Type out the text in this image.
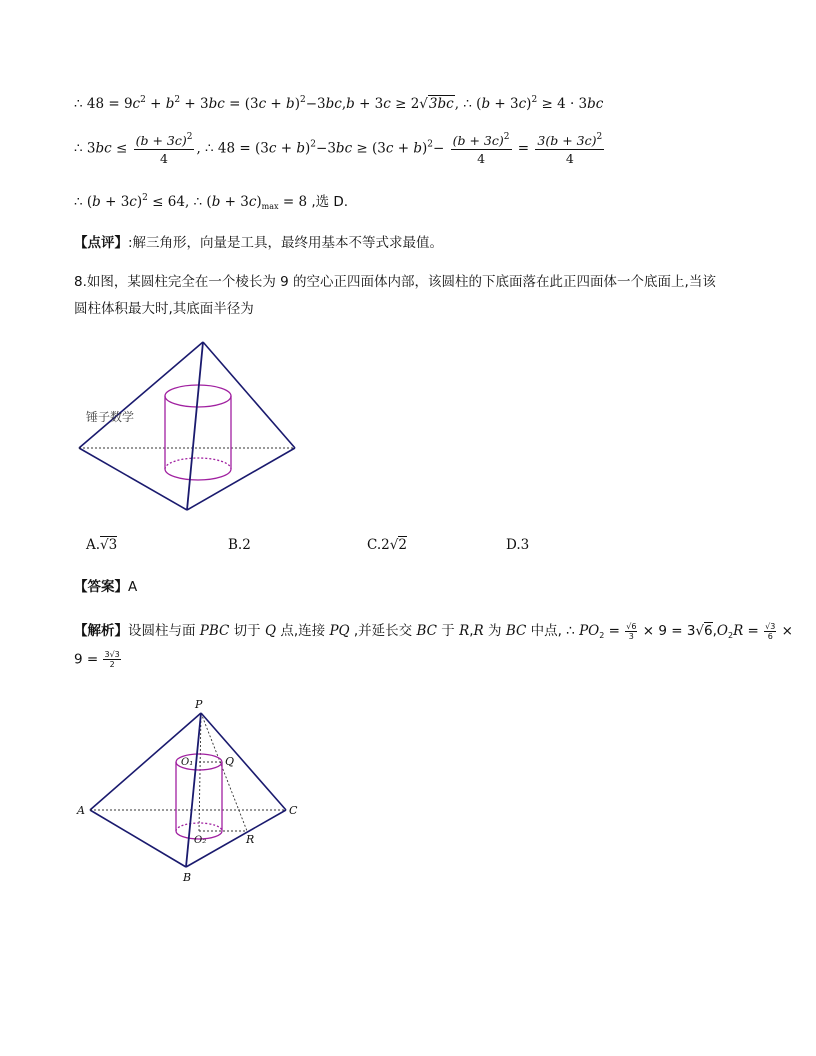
∴ $48 = 9c^2 + b^2 + 3bc = (3c + b)^2-3bc,b + 3c \ge 2√3bc$, ∴ $(b + 3c)^2 \ge 4 \cdot 3bc$
∴ $3bc \le \frac{(b + 3c)^2}{4}$ , ∴ $48 = (3c + b)^2-3bc \ge (3c + b)^2- \frac{(b + 3c)^2}{4} = \frac{3(b + 3c)^2}{4}$
∴ $(b + 3c)^2 \le 64$, ∴ $(b + 3c)_{max} = 8$ ,选 D.
【点评】:解三角形，向量是工具，最终用基本不等式求最值。
8.如图，某圆柱完全在一个棱长为 9 的空心正四面体内部，该圆柱的下底面落在此正四面体一个底面上,当该
圆柱体积最大时,其底面半径为
锤子数学
A.√3	B.2	C.2√2	D.3
【答案】A
【解析】设圆柱与面 PBC 切于 Q 点,连接 PQ ,并延长交 BC 于 R,R 为 BC 中点, ∴ $PO_2 = \frac{√6}{3} \times 9 = 3√6,O_2R = \frac{√3}{6}$ ×
$9 = \frac{3√3}{2}$
P
A
B
C
Q
R
O₁
O₂
